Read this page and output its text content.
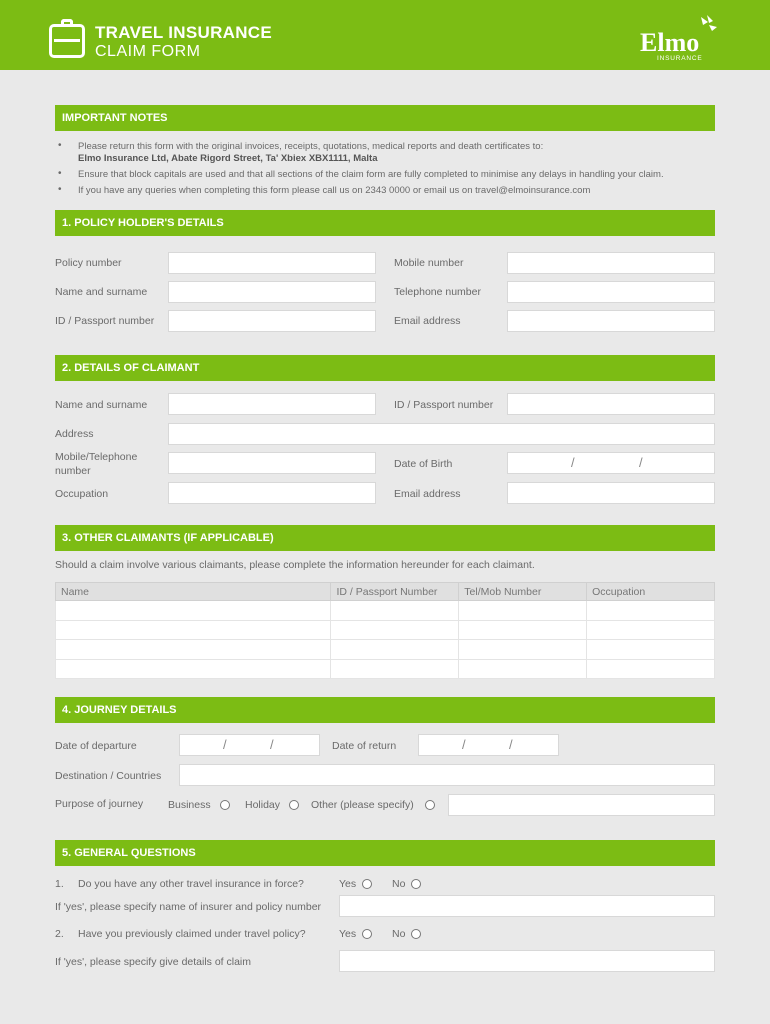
TRAVEL INSURANCE
CLAIM FORM	Elmo
INSURANCE
IMPORTANT NOTES
• Please return this form with the original invoices, receipts, quotations, medical reports and death certificates to:
Elmo Insurance Ltd, Abate Rigord Street, Ta' Xbiex XBX1111, Malta
• Ensure that block capitals are used and that all sections of the claim form are fully completed to minimise any delays in handling your claim.
• If you have any queries when completing this form please call us on 2343 0000 or email us on travel@elmoinsurance.com
1. POLICY HOLDER'S DETAILS
Policy number	Mobile number
Name and surname	Telephone number
ID / Passport number	Email address
2. DETAILS OF CLAIMANT
Name and surname	ID / Passport number
Address
Mobile/Telephone
number
Date of Birth	/	/
Occupation	Email address
3. OTHER CLAIMANTS (IF APPLICABLE)
Should a claim involve various claimants, please complete the information hereunder for each claimant.
Name	ID / Passport Number	Tel/Mob Number	Occupation

4. JOURNEY DETAILS
Date of departure	/	/	Date of return	/	/
Destination / Countries
Purpose of journey Business	Holiday	Other (please specify)
5. GENERAL QUESTIONS
1. Do you have any other travel insurance in force?	Yes	No
If 'yes', please specify name of insurer and policy number
2. Have you previously claimed under travel policy?	Yes	No
If 'yes', please specify give details of claim
